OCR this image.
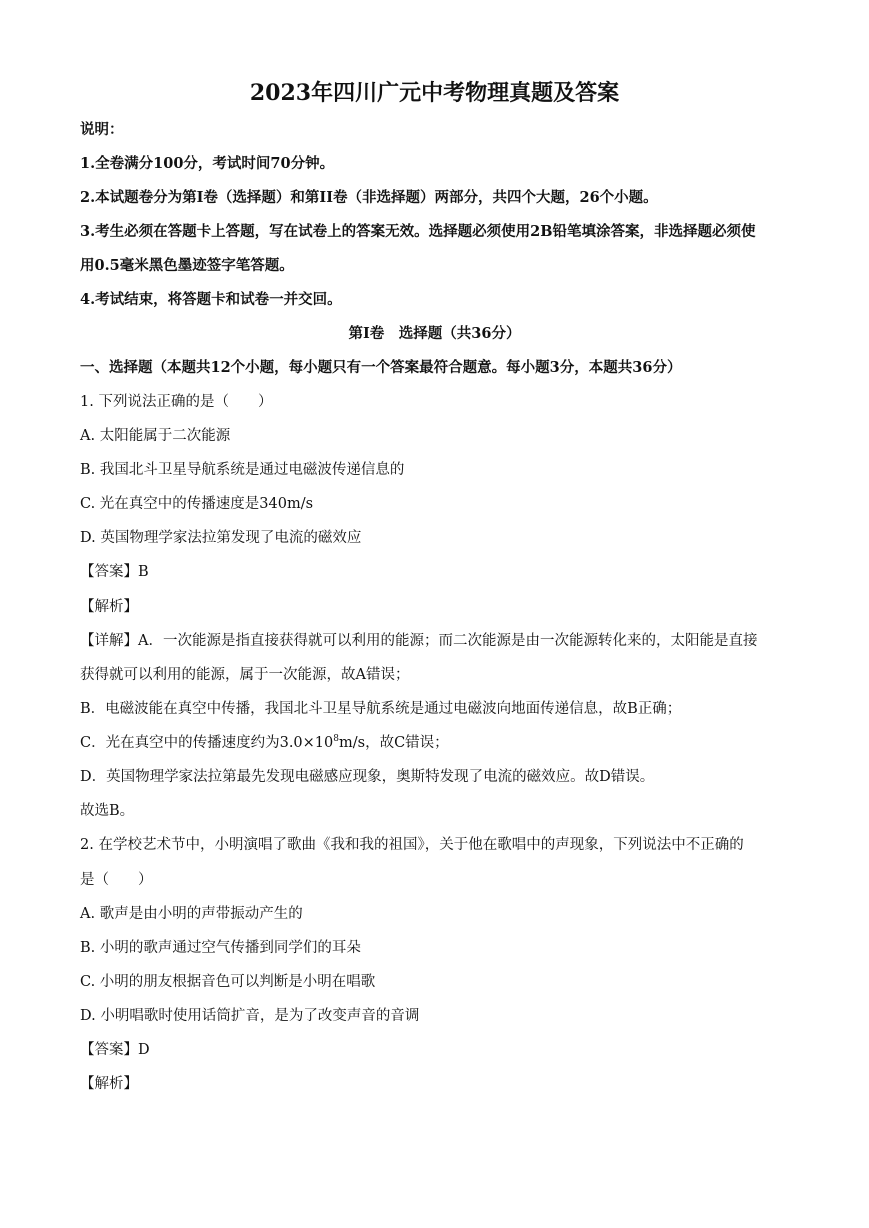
2023年四川广元中考物理真题及答案
说明：
1.全卷满分100分，考试时间70分钟。
2.本试题卷分为第I卷（选择题）和第II卷（非选择题）两部分，共四个大题，26个小题。
3.考生必须在答题卡上答题，写在试卷上的答案无效。选择题必须使用2B铅笔填涂答案，非选择题必须使
用0.5毫米黑色墨迹签字笔答题。
4.考试结束，将答题卡和试卷一并交回。
第I卷　选择题（共36分）
一、选择题（本题共12个小题，每小题只有一个答案最符合题意。每小题3分，本题共36分）
1. 下列说法正确的是（　　）
A. 太阳能属于二次能源
B. 我国北斗卫星导航系统是通过电磁波传递信息的
C. 光在真空中的传播速度是340m/s
D. 英国物理学家法拉第发现了电流的磁效应
【答案】B
【解析】
【详解】A．一次能源是指直接获得就可以利用的能源；而二次能源是由一次能源转化来的，太阳能是直接
获得就可以利用的能源，属于一次能源，故A错误；
B．电磁波能在真空中传播，我国北斗卫星导航系统是通过电磁波向地面传递信息，故B正确；
C．光在真空中的传播速度约为$3.0\times 10^8m/s$，故C错误；
D．英国物理学家法拉第最先发现电磁感应现象，奥斯特发现了电流的磁效应。故D错误。
故选B。
2. 在学校艺术节中，小明演唱了歌曲《我和我的祖国》，关于他在歌唱中的声现象，下列说法中不正确的
是（　　）
A. 歌声是由小明的声带振动产生的
B. 小明的歌声通过空气传播到同学们的耳朵
C. 小明的朋友根据音色可以判断是小明在唱歌
D. 小明唱歌时使用话筒扩音，是为了改变声音的音调
【答案】D
【解析】
